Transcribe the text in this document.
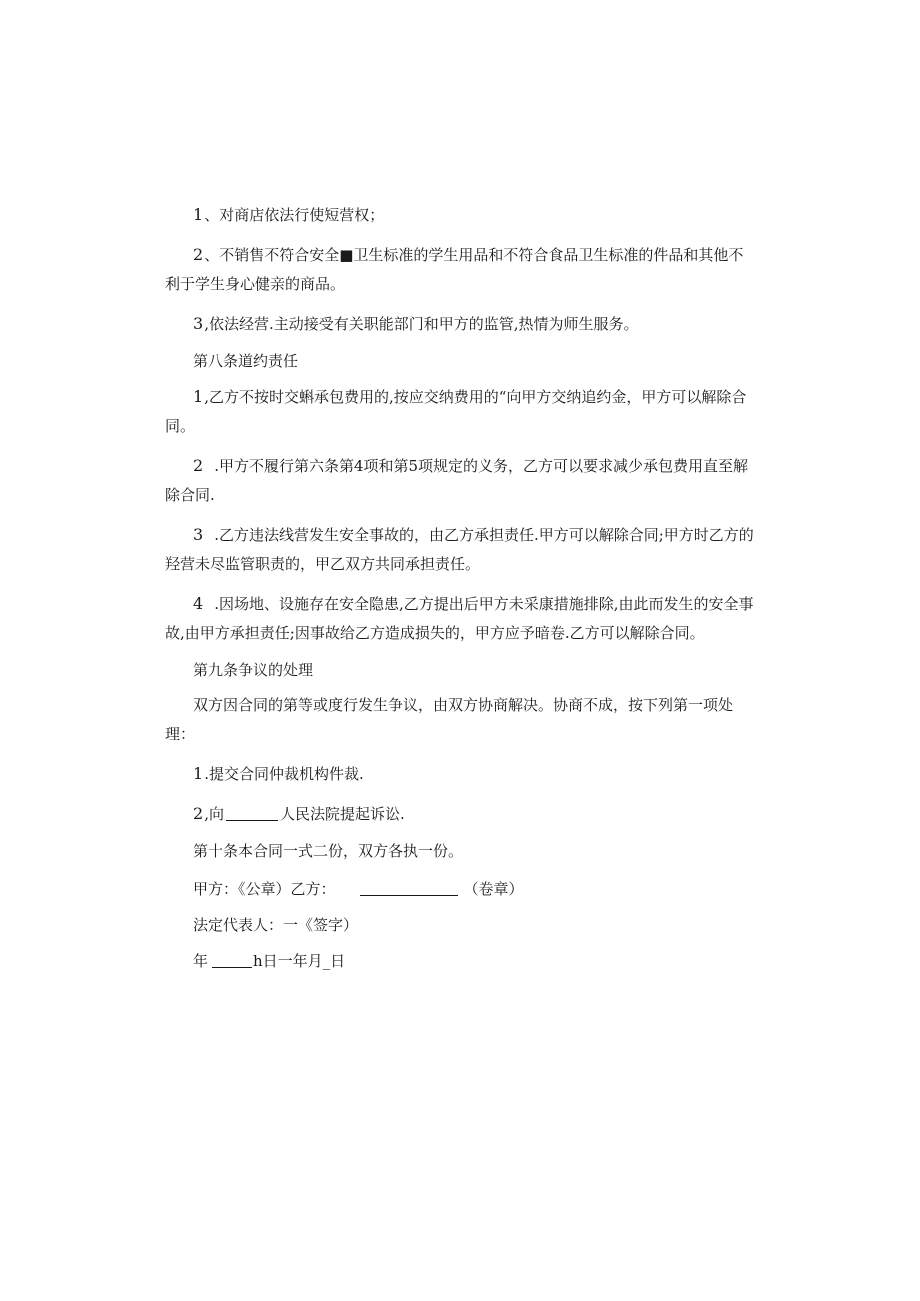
1、对商店依法行使短营权；

2、不销售不符合安全■卫生标准的学生用品和不符合食品卫生标准的件品和其他不利于学生身心健亲的商品。

3,依法经营.主动接受有关职能部门和甲方的监管,热情为师生服务。

第八条道约责任

1,乙方不按时交蝌承包费用的,按应交纳费用的“向甲方交纳追约金，甲方可以解除合同。

2 .甲方不履行第六条第4项和第5项规定的义务，乙方可以要求减少承包费用直至解除合同.

3 .乙方违法线营发生安全事故的，由乙方承担责任.甲方可以解除合同;甲方时乙方的羟营未尽监管职责的，甲乙双方共同承担责任。

4 .因场地、设施存在安全隐患,乙方提出后甲方未采康措施排除,由此而发生的安全事故,由甲方承担责任;因事故给乙方造成损失的，甲方应予暗卷.乙方可以解除合同。

第九条争议的处理

双方因合同的第等或度行发生争议，由双方协商解决。协商不成，按下列第一项处理：

1.提交合同仲裁机构件裁.

2,向	人民法院提起诉讼.

第十条本合同一式二份，双方各执一份。

甲方：《公章）乙方：	（卷章）

法定代表人：一《签字）

年	h日一年月_日
